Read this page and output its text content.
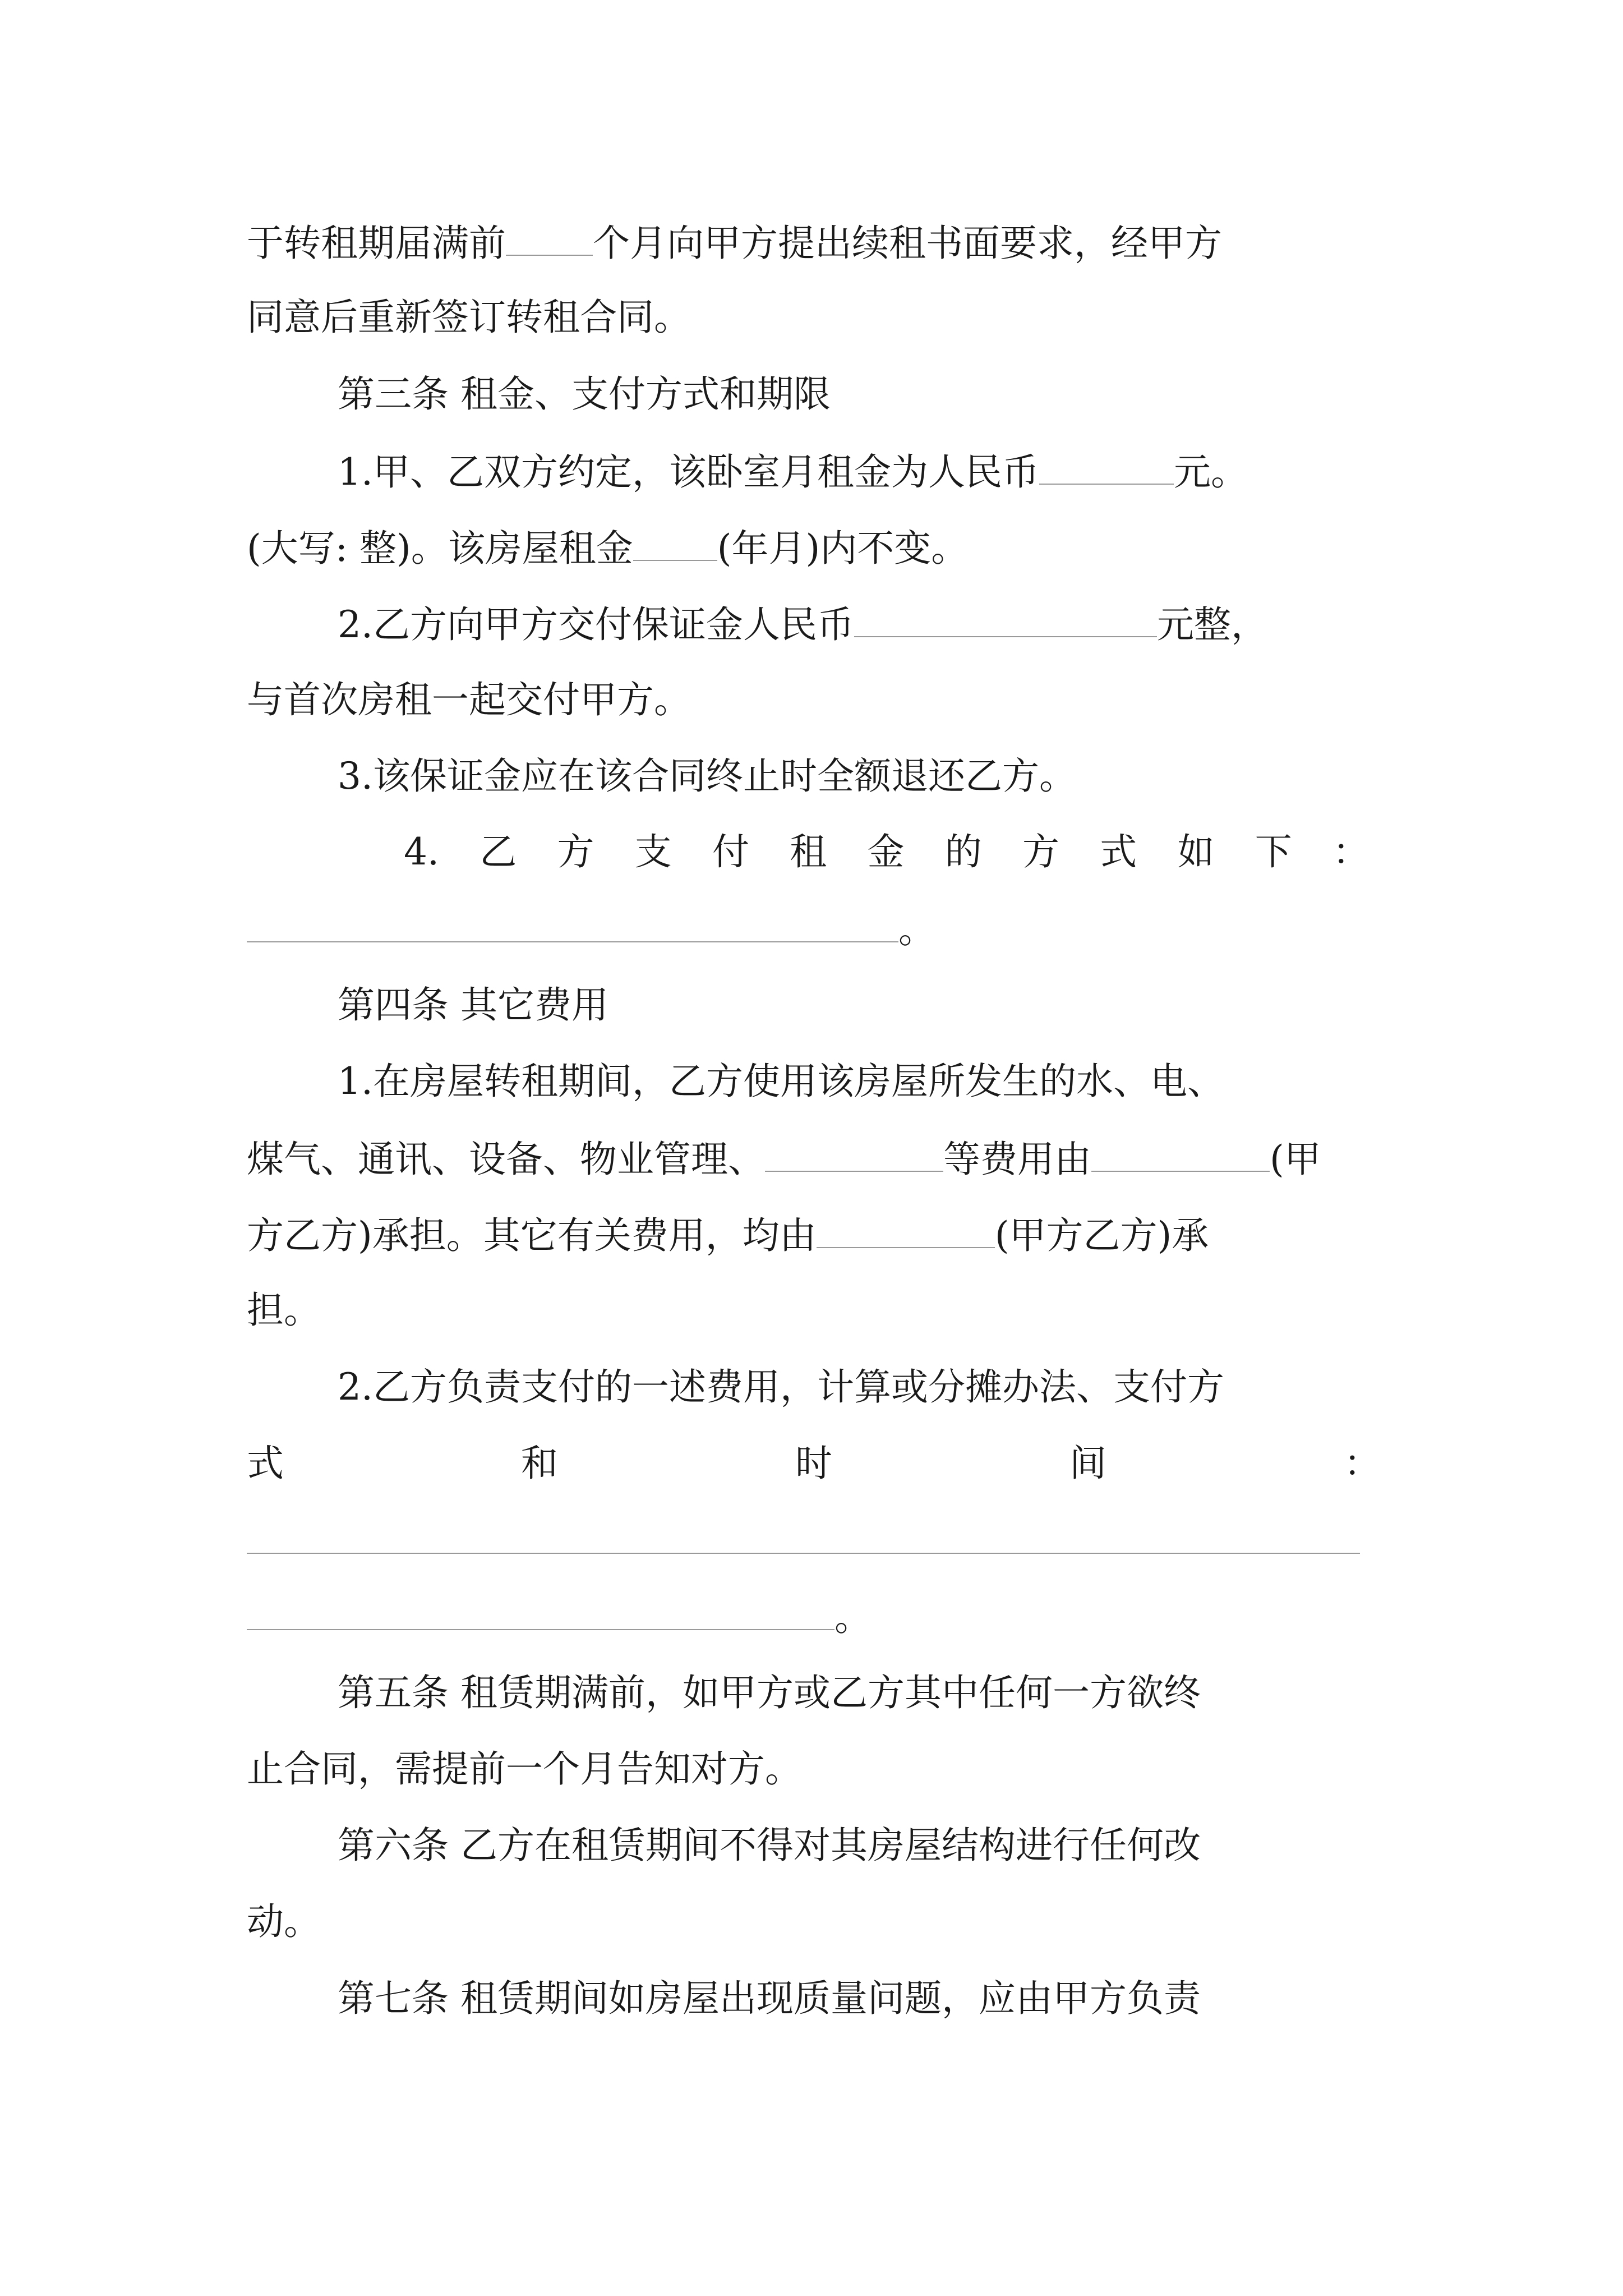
于转租期届满前 个月向甲方提出续租书面要求，经甲方
同意后重新签订转租合同。
第三条 租金、支付方式和期限
1.甲、乙双方约定，该卧室月租金为人民币	元。
(大写: 整)。该房屋租金 (年月)内不变。
2.乙方向甲方交付保证金人民币	元整，
与首次房租一起交付甲方。
3.该保证金应在该合同终止时全额退还乙方。
4. 乙 方 支 付 租 金 的 方 式 如 下 ：
。
第四条 其它费用
1.在房屋转租期间，乙方使用该房屋所发生的水、电、
煤气、通讯、设备、物业管理、	等费用由	(甲
方乙方)承担。其它有关费用，均由	(甲方乙方)承
担。
2.乙方负责支付的一述费用，计算或分摊办法、支付方
式	和	时	间	：
。
第五条 租赁期满前，如甲方或乙方其中任何一方欲终
止合同，需提前一个月告知对方。
第六条 乙方在租赁期间不得对其房屋结构进行任何改
动。
第七条 租赁期间如房屋出现质量问题，应由甲方负责
